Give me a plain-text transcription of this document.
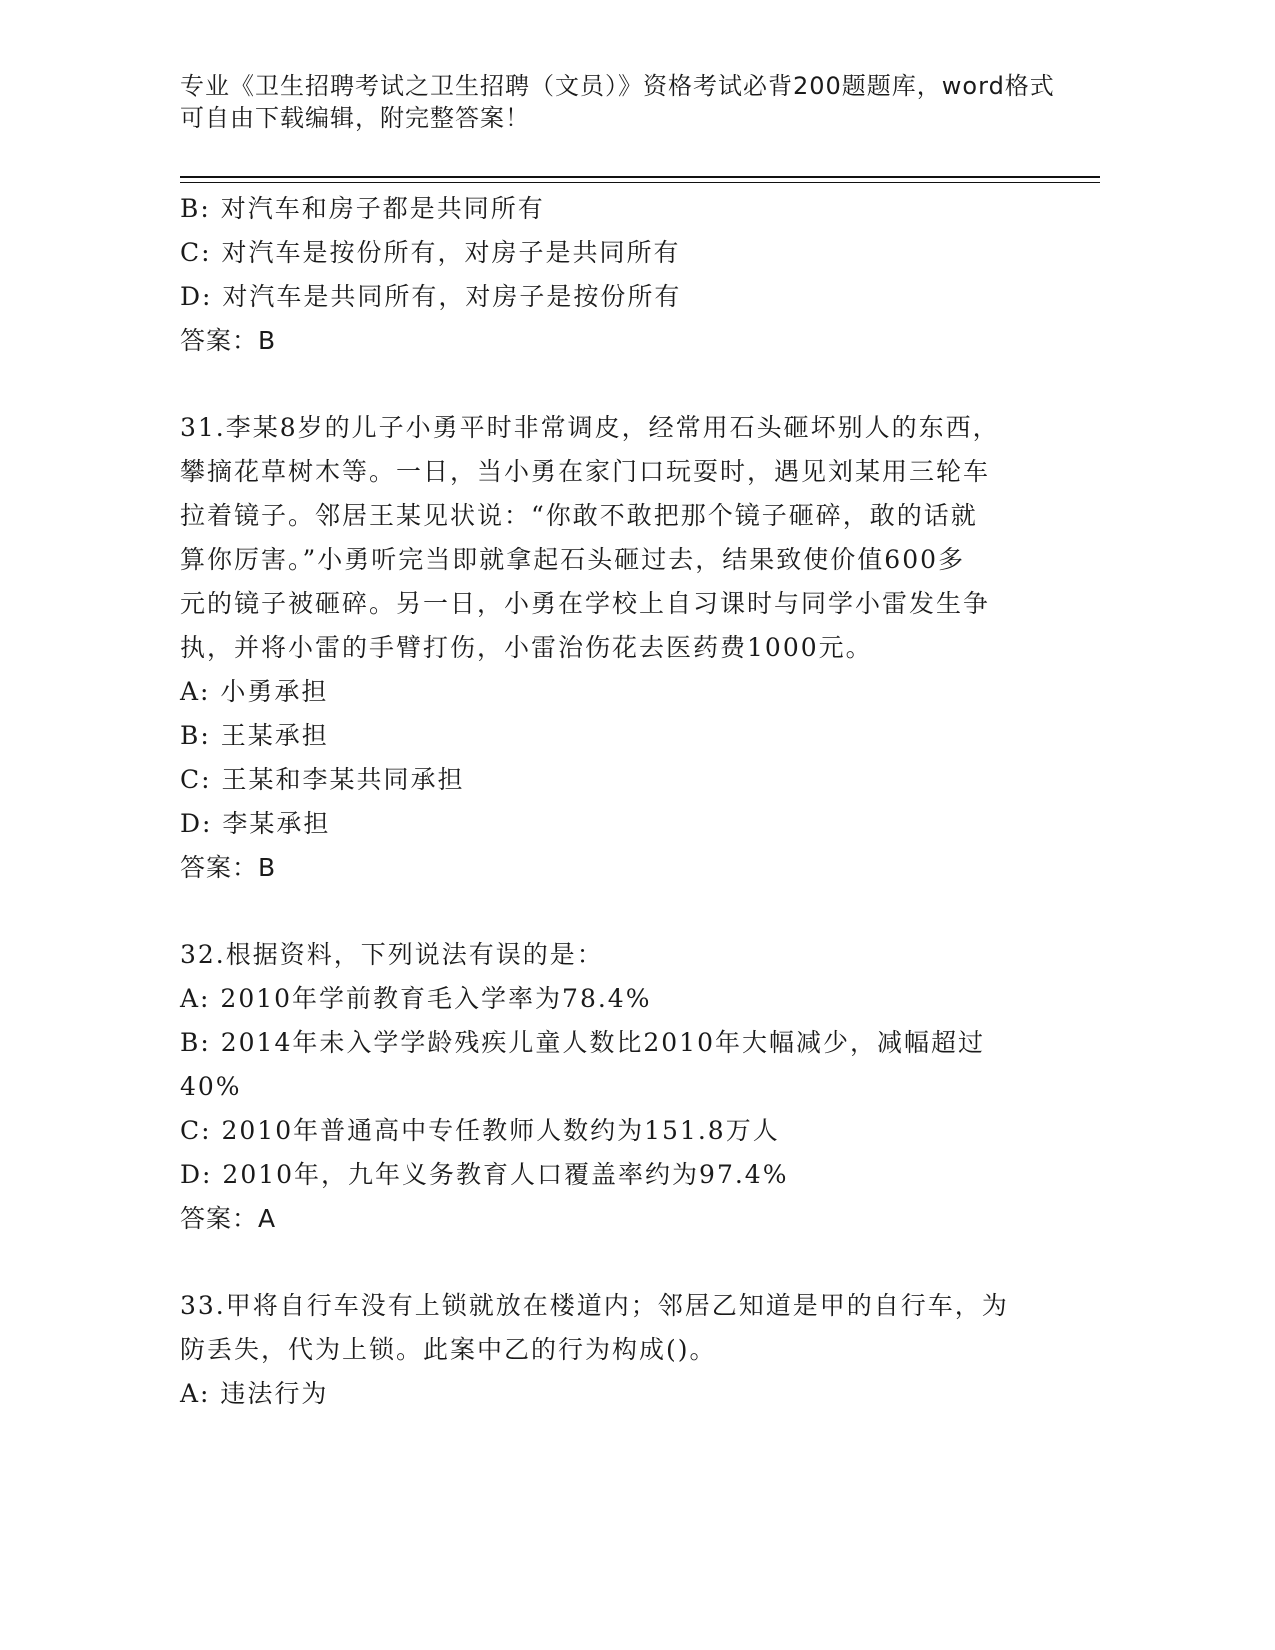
专业《卫生招聘考试之卫生招聘（文员）》资格考试必背200题题库，word格式
可自由下载编辑，附完整答案！
B: 对汽车和房子都是共同所有
C: 对汽车是按份所有，对房子是共同所有
D: 对汽车是共同所有，对房子是按份所有
答案：B
31.李某8岁的儿子小勇平时非常调皮，经常用石头砸坏别人的东西，
攀摘花草树木等。一日，当小勇在家门口玩耍时，遇见刘某用三轮车
拉着镜子。邻居王某见状说：“你敢不敢把那个镜子砸碎，敢的话就
算你厉害。”小勇听完当即就拿起石头砸过去，结果致使价值600多
元的镜子被砸碎。另一日，小勇在学校上自习课时与同学小雷发生争
执，并将小雷的手臂打伤，小雷治伤花去医药费1000元。
A: 小勇承担
B: 王某承担
C: 王某和李某共同承担
D: 李某承担
答案：B
32.根据资料，下列说法有误的是：
A: 2010年学前教育毛入学率为78.4%
B: 2014年未入学学龄残疾儿童人数比2010年大幅减少，减幅超过
40%
C: 2010年普通高中专任教师人数约为151.8万人
D: 2010年，九年义务教育人口覆盖率约为97.4%
答案：A
33.甲将自行车没有上锁就放在楼道内；邻居乙知道是甲的自行车，为
防丢失，代为上锁。此案中乙的行为构成()。
A: 违法行为
